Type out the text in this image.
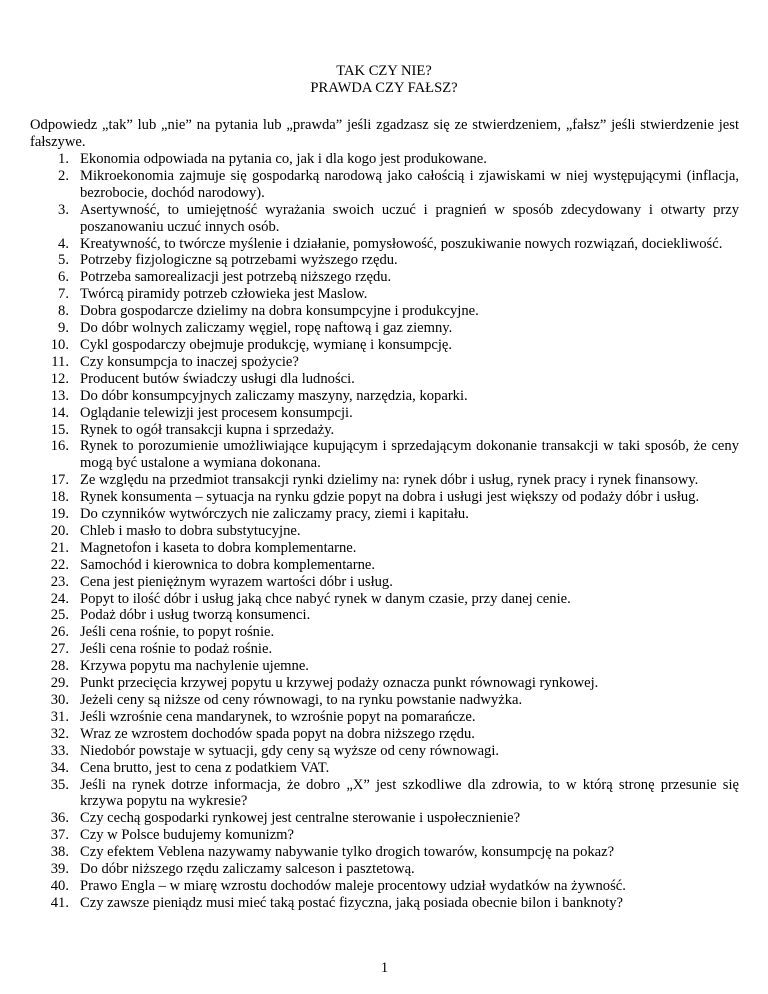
TAK CZY NIE?
PRAWDA CZY FAŁSZ?

Odpowiedz „tak” lub „nie” na pytania lub „prawda” jeśli zgadzasz się ze stwierdzeniem, „fałsz” jeśli stwierdzenie jest fałszywe.

1. Ekonomia odpowiada na pytania co, jak i dla kogo jest produkowane.
2. Mikroekonomia zajmuje się gospodarką narodową jako całością i zjawiskami w niej występującymi (inflacja, bezrobocie, dochód narodowy).
3. Asertywność, to umiejętność wyrażania swoich uczuć i pragnień w sposób zdecydowany i otwarty przy poszanowaniu uczuć innych osób.
4. Kreatywność, to twórcze myślenie i działanie, pomysłowość, poszukiwanie nowych rozwiązań, dociekliwość.
5. Potrzeby fizjologiczne są potrzebami wyższego rzędu.
6. Potrzeba samorealizacji jest potrzebą niższego rzędu.
7. Twórcą piramidy potrzeb człowieka jest Maslow.
8. Dobra gospodarcze dzielimy na dobra konsumpcyjne i produkcyjne.
9. Do dóbr wolnych zaliczamy węgiel, ropę naftową i gaz ziemny.
10. Cykl gospodarczy obejmuje produkcję, wymianę i konsumpcję.
11. Czy konsumpcja to inaczej spożycie?
12. Producent butów świadczy usługi dla ludności.
13. Do dóbr konsumpcyjnych zaliczamy maszyny, narzędzia, koparki.
14. Oglądanie telewizji jest procesem konsumpcji.
15. Rynek to ogół transakcji kupna i sprzedaży.
16. Rynek to porozumienie umożliwiające kupującym i sprzedającym dokonanie transakcji w taki sposób, że ceny mogą być ustalone a wymiana dokonana.
17. Ze względu na przedmiot transakcji rynki dzielimy na: rynek dóbr i usług, rynek pracy i rynek finansowy.
18. Rynek konsumenta – sytuacja na rynku gdzie popyt na dobra i usługi jest większy od podaży dóbr i usług.
19. Do czynników wytwórczych nie zaliczamy pracy, ziemi i kapitału.
20. Chleb i masło to dobra substytucyjne.
21. Magnetofon i kaseta to dobra komplementarne.
22. Samochód i kierownica to dobra komplementarne.
23. Cena jest pieniężnym wyrazem wartości dóbr i usług.
24. Popyt to ilość dóbr i usług jaką chce nabyć rynek w danym czasie, przy danej cenie.
25. Podaż dóbr i usług tworzą konsumenci.
26. Jeśli cena rośnie, to popyt rośnie.
27. Jeśli cena rośnie to podaż rośnie.
28. Krzywa popytu ma nachylenie ujemne.
29. Punkt przecięcia krzywej popytu u krzywej podaży oznacza punkt równowagi rynkowej.
30. Jeżeli ceny są niższe od ceny równowagi, to na rynku powstanie nadwyżka.
31. Jeśli wzrośnie cena mandarynek, to wzrośnie popyt na pomarańcze.
32. Wraz ze wzrostem dochodów spada popyt na dobra niższego rzędu.
33. Niedobór powstaje w sytuacji, gdy ceny są wyższe od ceny równowagi.
34. Cena brutto, jest to cena z podatkiem VAT.
35. Jeśli na rynek dotrze informacja, że dobro „X” jest szkodliwe dla zdrowia, to w którą stronę przesunie się krzywa popytu na wykresie?
36. Czy cechą gospodarki rynkowej jest centralne sterowanie i uspołecznienie?
37. Czy w Polsce budujemy komunizm?
38. Czy efektem Veblena nazywamy nabywanie tylko drogich towarów, konsumpcję na pokaz?
39. Do dóbr niższego rzędu zaliczamy salceson i pasztetową.
40. Prawo Engla – w miarę wzrostu dochodów maleje procentowy udział wydatków na żywność.
41. Czy zawsze pieniądz musi mieć taką postać fizyczna, jaką posiada obecnie bilon i banknoty?
1
